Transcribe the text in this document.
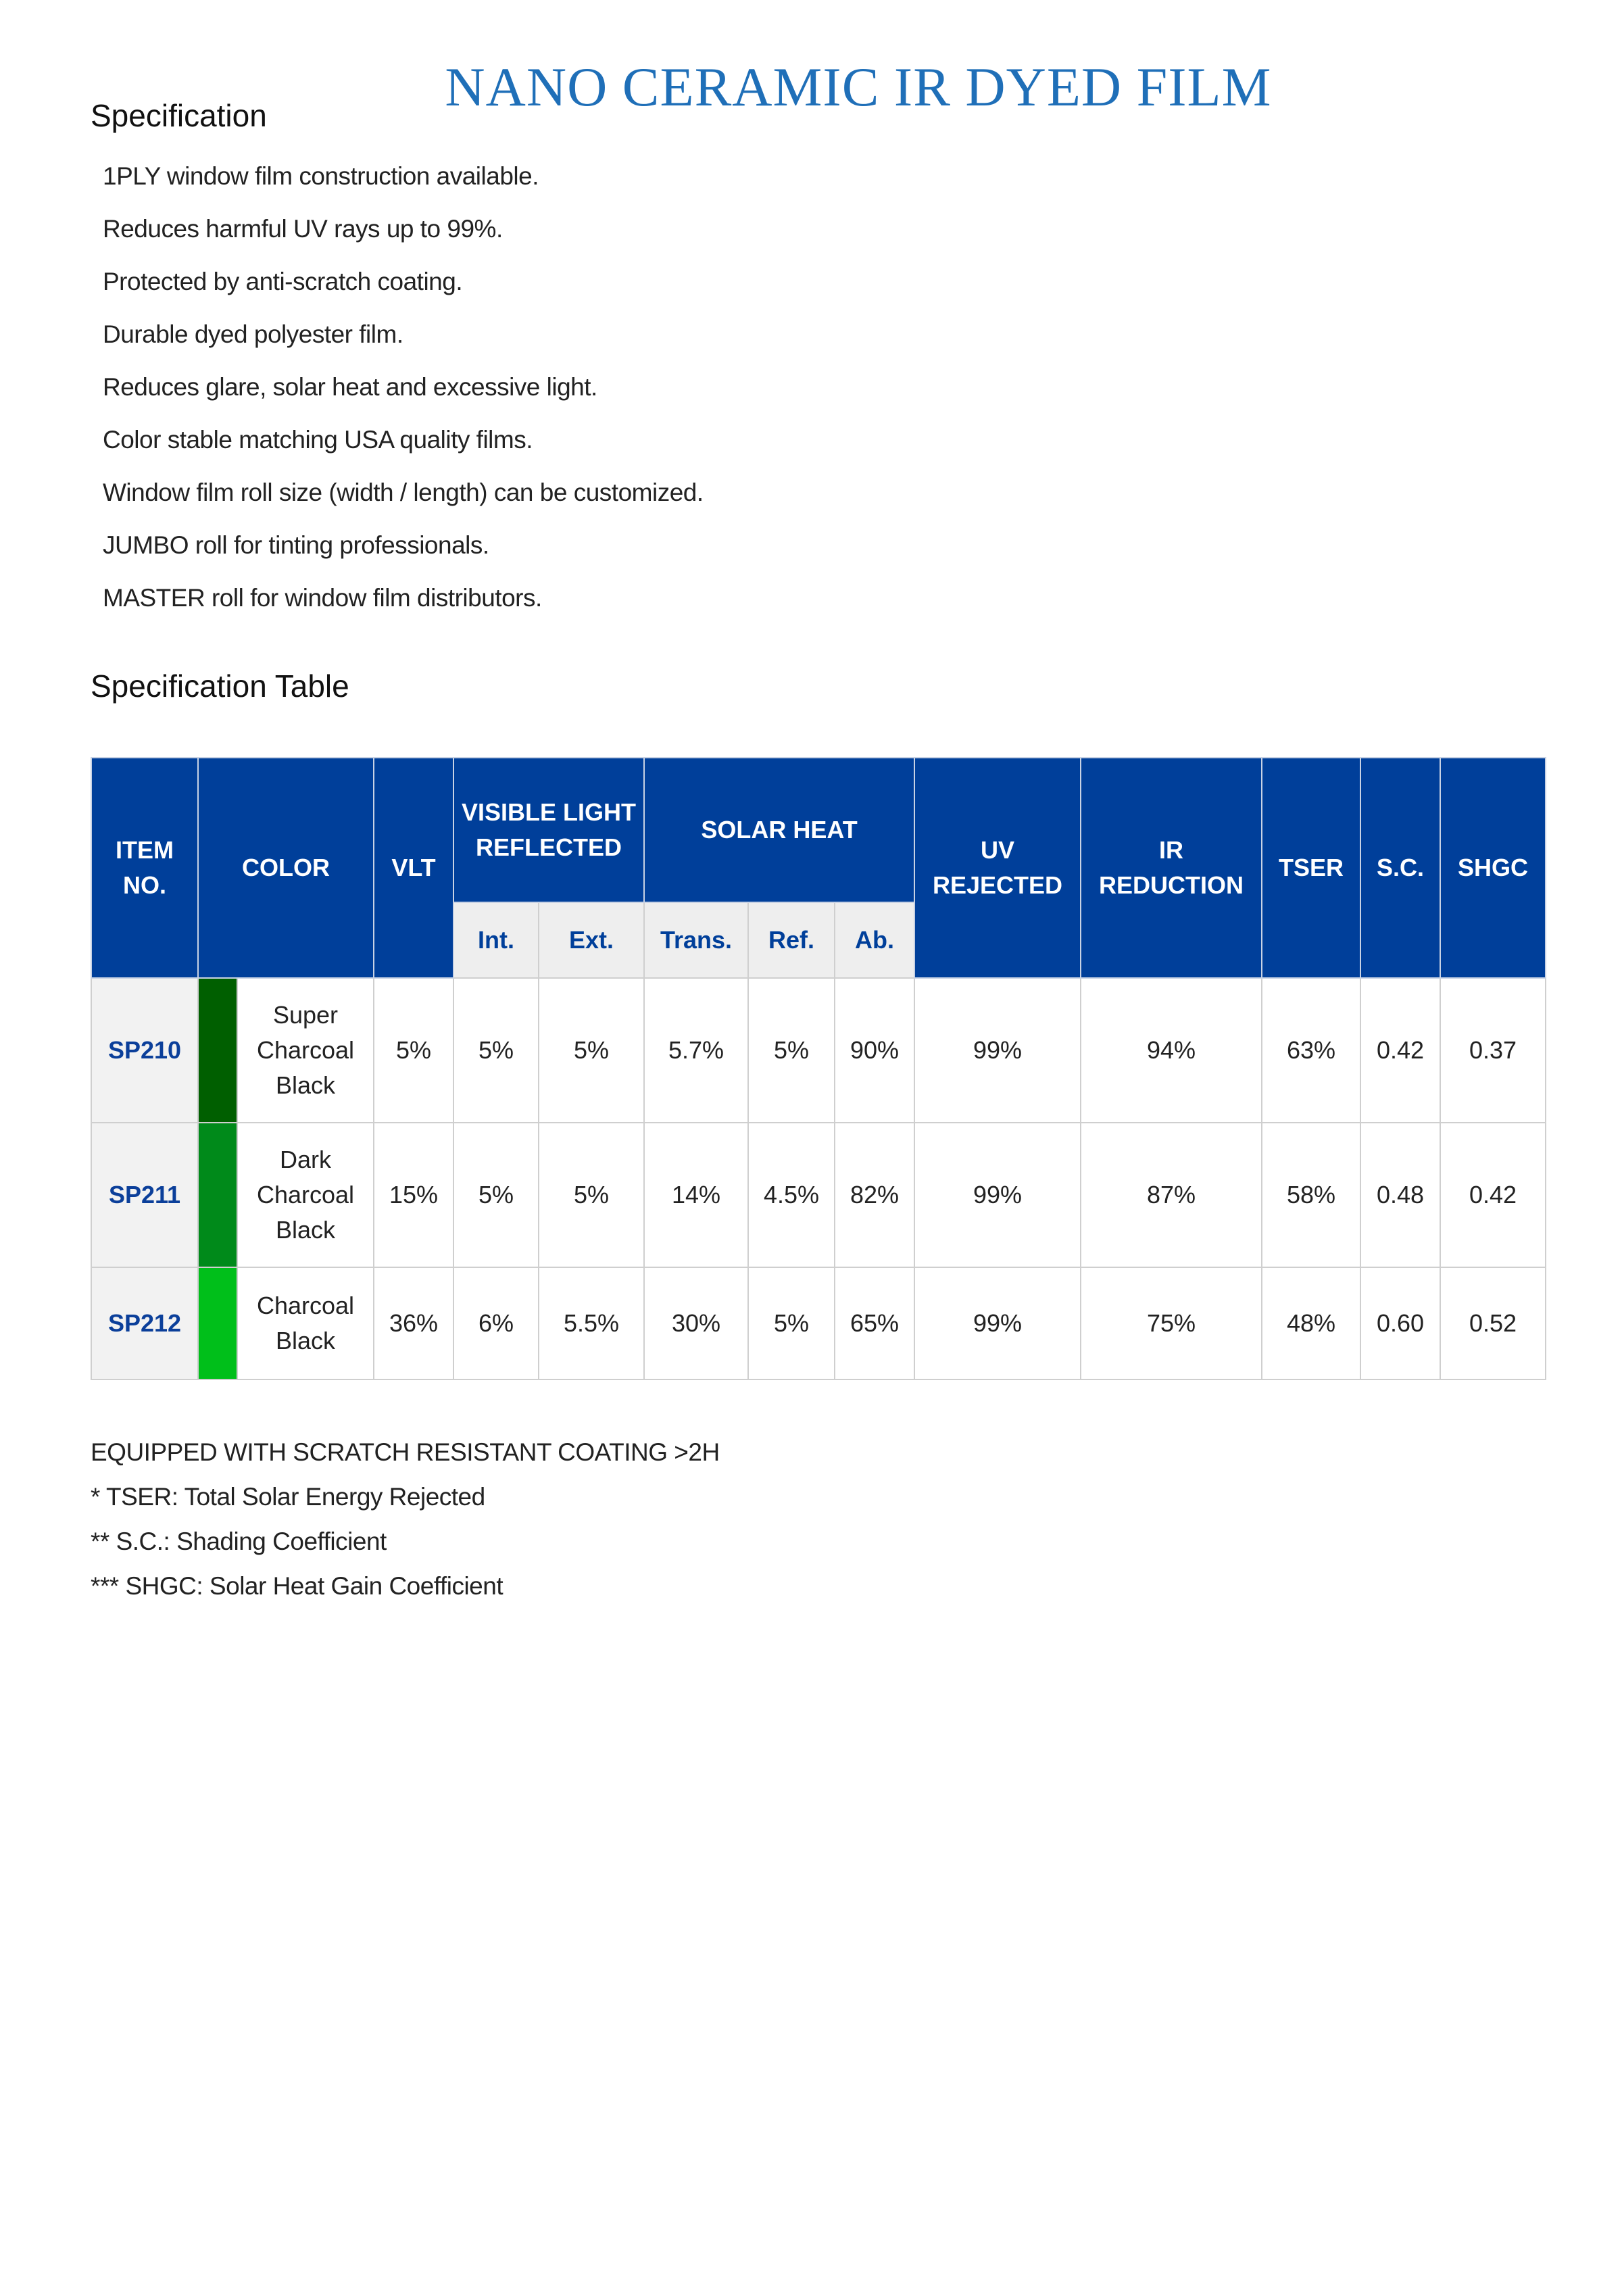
NANO CERAMIC IR DYED FILM
Specification
1PLY window film construction available.
Reduces harmful UV rays up to 99%.
Protected by anti-scratch coating.
Durable dyed polyester film.
Reduces glare, solar heat and excessive light.
Color stable matching USA quality films.
Window film roll size (width / length) can be customized.
JUMBO roll for tinting professionals.
MASTER roll for window film distributors.
Specification Table
ITEM NO.	COLOR		VLT	VISIBLE LIGHT REFLECTED		SOLAR HEAT			UV REJECTED	IR REDUCTION	TSER	S.C.	SHGC
				Int.	Ext.	Trans.	Ref.	Ab.					
SP210		Super Charcoal Black	5%	5%	5%	5.7%	5%	90%	99%	94%	63%	0.42	0.37
SP211		Dark Charcoal Black	15%	5%	5%	14%	4.5%	82%	99%	87%	58%	0.48	0.42
SP212		Charcoal Black	36%	6%	5.5%	30%	5%	65%	99%	75%	48%	0.60	0.52
EQUIPPED WITH SCRATCH RESISTANT COATING >2H
* TSER: Total Solar Energy Rejected
** S.C.: Shading Coefficient
*** SHGC: Solar Heat Gain Coefficient
